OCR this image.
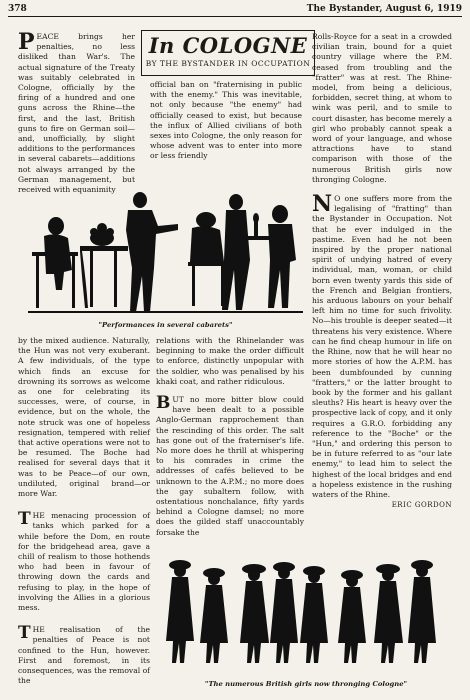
378	The Bystander, August 6, 1919

PEACE brings her penalties, no less disliked than War's. The actual signature of the Treaty was suitably celebrated in Cologne, officially by the firing of a hundred and one guns across the Rhine—the first, and the last, British guns to fire on German soil—and, unofficially, by slight additions to the performances in several cabarets—additions not always arranged by the German management, but received with equanimity

In COLOGNE
BY THE BYSTANDER IN OCCUPATION

official ban on "fraternising in public with the enemy." This was inevitable, not only because "the enemy" had officially ceased to exist, but because the influx of Allied civilians of both sexes into Cologne, the only reason for whose advent was to enter into more or less friendly

Rolls-Royce for a seat in a crowded civilian train, bound for a quiet country village where the P.M. ceased from troubling and the "fratter" was at rest. The Rhine-model, from being a delicious, forbidden, secret thing, at whom to wink was peril, and to smile to court disaster, has become merely a girl who probably cannot speak a word of your language, and whose attractions have to stand comparison with those of the numerous British girls now thronging Cologne.

N O one suffers more from the legalising of "fratting" than the Bystander in Occupation. Not that he ever indulged in the pastime. Even had he not been inspired by the proper national spirit of undying hatred of every individual, man, woman, or child born even twenty yards this side of the French and Belgian frontiers, his arduous labours on your behalf left him no time for such frivolity. No—his trouble is deeper seated—it threatens his very existence. Where can he find cheap humour in life on the Rhine, now that he will hear no more stories of how the A.P.M. has been dumbfounded by cunning "fratters," or the latter brought to book by the former and his gallant sleuths? His heart is heavy over the prospective lack of copy, and it only requires a G.R.O. forbidding any reference to the "Boche" or the "Hun," and ordering this person to be in future referred to as "our late enemy," to lead him to select the highest of the local bridges and end a hopeless existence in the rushing waters of the Rhine.

ERIC GORDON
"Performances in several cabarets"

by the mixed audience. Naturally, the Hun was not very exuberant. A few individuals, of the type which finds an excuse for drowning its sorrows as welcome as one for celebrating its successes, were, of course, in evidence, but on the whole, the note struck was one of hopeless resignation, tempered with relief that active operations were not to be resumed. The Boche had realised for several days that it was to be Peace—of our own, undiluted, original brand—or more War.

THE menacing procession of tanks which parked for a while before the Dom, en route for the bridgehead area, gave a chill of realism to those hothends who had been in favour of throwing down the cards and refusing to play, in the hope of involving the Allies in a glorious mess.

THE realisation of the penalties of Peace is not confined to the Hun, however. First and foremost, in its consequences, was the removal of the

relations with the Rhinelander was beginning to make the order difficult to enforce, distinctly unpopular with the soldier, who was penalised by his khaki coat, and rather ridiculous.

BUT no more bitter blow could have been dealt to a possible Anglo-German rapprochement than the rescinding of this order. The salt has gone out of the fraterniser's life. No more does he thrill at whispering to his comrades in crime the addresses of cafés believed to be unknown to the A.P.M.; no more does the gay subaltern follow, with ostentatious nonchalance, fifty yards behind a Cologne damsel; no more does the gilded staff unaccountably forsake the

"The numerous British girls now thronging Cologne"
